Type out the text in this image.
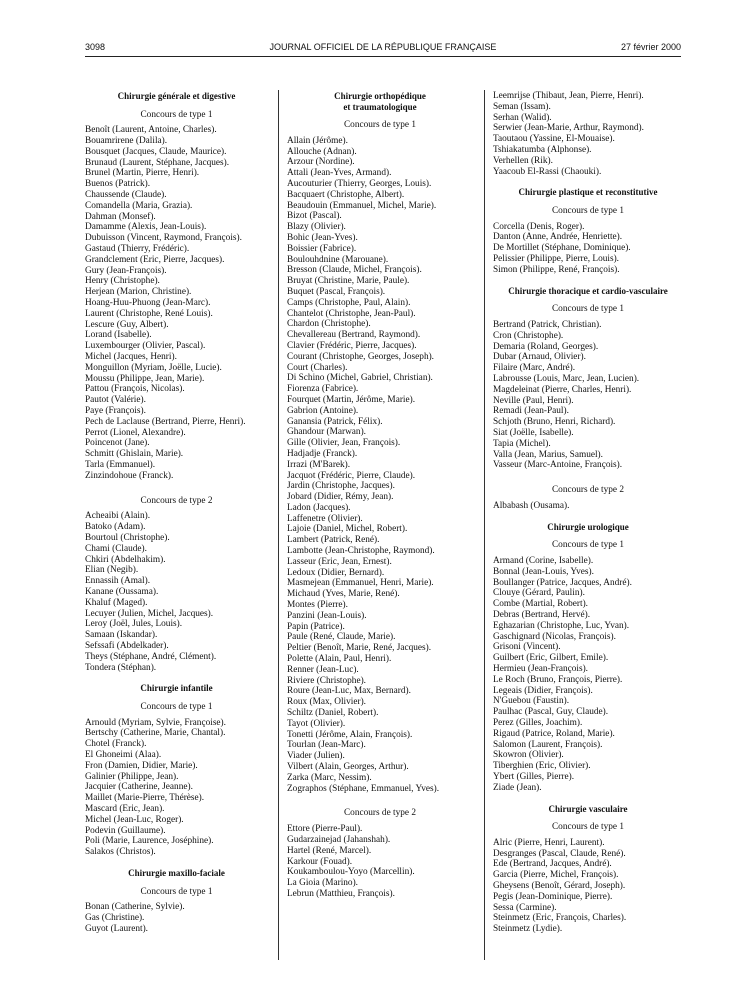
3098	JOURNAL OFFICIEL DE LA RÉPUBLIQUE FRANÇAISE	27 février 2000
Chirurgie générale et digestive
Concours de type 1
Benoît (Laurent, Antoine, Charles).
Bouamrirene (Dalila).
Bousquet (Jacques, Claude, Maurice).
Brunaud (Laurent, Stéphane, Jacques).
Brunel (Martin, Pierre, Henri).
Buenos (Patrick).
Chaussende (Claude).
Comandella (Maria, Grazia).
Dahman (Monsef).
Damamme (Alexis, Jean-Louis).
Dubuisson (Vincent, Raymond, François).
Gastaud (Thierry, Frédéric).
Grandclement (Eric, Pierre, Jacques).
Gury (Jean-François).
Henry (Christophe).
Herjean (Marion, Christine).
Hoang-Huu-Phuong (Jean-Marc).
Laurent (Christophe, René Louis).
Lescure (Guy, Albert).
Lorand (Isabelle).
Luxembourger (Olivier, Pascal).
Michel (Jacques, Henri).
Monguillon (Myriam, Joëlle, Lucie).
Moussu (Philippe, Jean, Marie).
Pattou (François, Nicolas).
Pautot (Valérie).
Paye (François).
Pech de Laclause (Bertrand, Pierre, Henri).
Perrot (Lionel, Alexandre).
Poincenot (Jane).
Schmitt (Ghislain, Marie).
Tarla (Emmanuel).
Zinzindohoue (Franck).
Concours de type 2
Acheaibi (Alain).
Batoko (Adam).
Bourtoul (Christophe).
Chami (Claude).
Chkiri (Abdelhakim).
Elian (Negib).
Ennassih (Amal).
Kanane (Oussama).
Khaluf (Maged).
Lecuyer (Julien, Michel, Jacques).
Leroy (Joël, Jules, Louis).
Samaan (Iskandar).
Sefssafi (Abdelkader).
Theys (Stéphane, André, Clément).
Tondera (Stéphan).
Chirurgie infantile
Concours de type 1
Arnould (Myriam, Sylvie, Françoise).
Bertschy (Catherine, Marie, Chantal).
Chotel (Franck).
El Ghoneimi (Alaa).
Fron (Damien, Didier, Marie).
Galinier (Philippe, Jean).
Jacquier (Catherine, Jeanne).
Maillet (Marie-Pierre, Thérèse).
Mascard (Eric, Jean).
Michel (Jean-Luc, Roger).
Podevin (Guillaume).
Poli (Marie, Laurence, Joséphine).
Salakos (Christos).
Chirurgie maxillo-faciale
Concours de type 1
Bonan (Catherine, Sylvie).
Gas (Christine).
Guyot (Laurent).
Chirurgie orthopédique
et traumatologique
Concours de type 1
Allain (Jérôme).
Allouche (Adnan).
Arzour (Nordine).
Attali (Jean-Yves, Armand).
Aucouturier (Thierry, Georges, Louis).
Bacquaert (Christophe, Albert).
Beaudouin (Emmanuel, Michel, Marie).
Bizot (Pascal).
Blazy (Olivier).
Bohic (Jean-Yves).
Boissier (Fabrice).
Boulouhdnine (Marouane).
Bresson (Claude, Michel, François).
Bruyat (Christine, Marie, Paule).
Buquet (Pascal, François).
Camps (Christophe, Paul, Alain).
Chantelot (Christophe, Jean-Paul).
Chardon (Christophe).
Chevallereau (Bertrand, Raymond).
Clavier (Frédéric, Pierre, Jacques).
Courant (Christophe, Georges, Joseph).
Court (Charles).
Di Schino (Michel, Gabriel, Christian).
Fiorenza (Fabrice).
Fourquet (Martin, Jérôme, Marie).
Gabrion (Antoine).
Ganansia (Patrick, Félix).
Ghandour (Marwan).
Gille (Olivier, Jean, François).
Hadjadje (Franck).
Irrazi (M'Barek).
Jacquot (Frédéric, Pierre, Claude).
Jardin (Christophe, Jacques).
Jobard (Didier, Rémy, Jean).
Ladon (Jacques).
Laffenetre (Olivier).
Lajoie (Daniel, Michel, Robert).
Lambert (Patrick, René).
Lambotte (Jean-Christophe, Raymond).
Lasseur (Eric, Jean, Ernest).
Ledoux (Didier, Bernard).
Masmejean (Emmanuel, Henri, Marie).
Michaud (Yves, Marie, René).
Montes (Pierre).
Panzini (Jean-Louis).
Papin (Patrice).
Paule (René, Claude, Marie).
Peltier (Benoît, Marie, René, Jacques).
Polette (Alain, Paul, Henri).
Renner (Jean-Luc).
Riviere (Christophe).
Roure (Jean-Luc, Max, Bernard).
Roux (Max, Olivier).
Schiltz (Daniel, Robert).
Tayot (Olivier).
Tonetti (Jérôme, Alain, François).
Tourlan (Jean-Marc).
Viader (Julien).
Vilbert (Alain, Georges, Arthur).
Zarka (Marc, Nessim).
Zographos (Stéphane, Emmanuel, Yves).
Concours de type 2
Ettore (Pierre-Paul).
Gudarzainejad (Jahanshah).
Hartel (René, Marcel).
Karkour (Fouad).
Koukamboulou-Yoyo (Marcellin).
La Gioia (Marino).
Lebrun (Matthieu, François).
Leemrijse (Thibaut, Jean, Pierre, Henri).
Seman (Issam).
Serhan (Walid).
Serwier (Jean-Marie, Arthur, Raymond).
Taoutaou (Yassine, El-Mouaise).
Tshiakatumba (Alphonse).
Verhellen (Rik).
Yaacoub El-Rassi (Chaouki).
Chirurgie plastique et reconstitutive
Concours de type 1
Corcella (Denis, Roger).
Danton (Anne, Andrée, Henriette).
De Mortillet (Stéphane, Dominique).
Pelissier (Philippe, Pierre, Louis).
Simon (Philippe, René, François).
Chirurgie thoracique et cardio-vasculaire
Concours de type 1
Bertrand (Patrick, Christian).
Cron (Christophe).
Demaria (Roland, Georges).
Dubar (Arnaud, Olivier).
Filaire (Marc, André).
Labrousse (Louis, Marc, Jean, Lucien).
Magdeleinat (Pierre, Charles, Henri).
Neville (Paul, Henri).
Remadi (Jean-Paul).
Schjoth (Bruno, Henri, Richard).
Siat (Joëlle, Isabelle).
Tapia (Michel).
Valla (Jean, Marius, Samuel).
Vasseur (Marc-Antoine, François).
Concours de type 2
Albabash (Ousama).
Chirurgie urologique
Concours de type 1
Armand (Corine, Isabelle).
Bonnal (Jean-Louis, Yves).
Boullanger (Patrice, Jacques, André).
Clouye (Gérard, Paulin).
Combe (Martial, Robert).
Debras (Bertrand, Hervé).
Eghazarian (Christophe, Luc, Yvan).
Gaschignard (Nicolas, François).
Grisoni (Vincent).
Guilbert (Eric, Gilbert, Emile).
Hermieu (Jean-François).
Le Roch (Bruno, François, Pierre).
Legeais (Didier, François).
N'Guebou (Faustin).
Paulhac (Pascal, Guy, Claude).
Perez (Gilles, Joachim).
Rigaud (Patrice, Roland, Marie).
Salomon (Laurent, François).
Skowron (Olivier).
Tiberghien (Eric, Olivier).
Ybert (Gilles, Pierre).
Ziade (Jean).
Chirurgie vasculaire
Concours de type 1
Alric (Pierre, Henri, Laurent).
Desgranges (Pascal, Claude, René).
Ede (Bertrand, Jacques, André).
Garcia (Pierre, Michel, François).
Gheysens (Benoît, Gérard, Joseph).
Pegis (Jean-Dominique, Pierre).
Sessa (Carmine).
Steinmetz (Eric, François, Charles).
Steinmetz (Lydie).
